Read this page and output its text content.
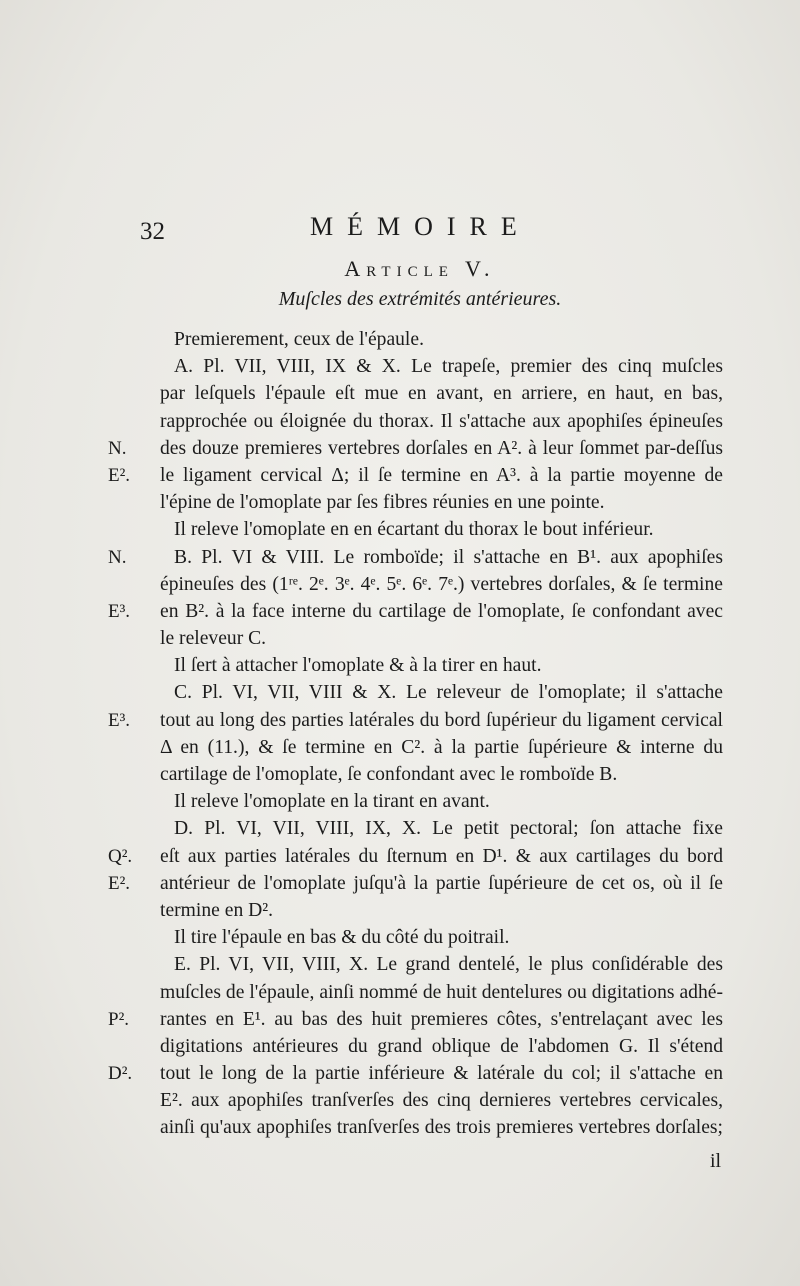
32	MÉMOIRE
Article V.
Muſcles des extrémités antérieures.
N.
E².
N.
E³.
E³.
Q².
E².
P².
D².
Premierement, ceux de l'épaule.
A. Pl. VII, VIII, IX & X. Le trapeſe, premier des cinq muſcles
par leſquels l'épaule eſt mue en avant, en arriere, en haut, en bas,
rapprochée ou éloignée du thorax. Il s'attache aux apophiſes épineuſes
des douze premieres vertebres dorſales en A². à leur ſommet par-deſſus
le ligament cervical Δ; il ſe termine en A³. à la partie moyenne de
l'épine de l'omoplate par ſes fibres réunies en une pointe.
Il releve l'omoplate en en écartant du thorax le bout inférieur.
B. Pl. VI & VIII. Le romboïde; il s'attache en B¹. aux apophiſes
épineuſes des (1ʳᵉ. 2ᵉ. 3ᵉ. 4ᵉ. 5ᵉ. 6ᵉ. 7ᵉ.) vertebres dorſales, & ſe termine
en B². à la face interne du cartilage de l'omoplate, ſe confondant avec
le releveur C.
Il ſert à attacher l'omoplate & à la tirer en haut.
C. Pl. VI, VII, VIII & X. Le releveur de l'omoplate; il s'attache
tout au long des parties latérales du bord ſupérieur du ligament cervical
Δ en (11.), & ſe termine en C². à la partie ſupérieure & interne du
cartilage de l'omoplate, ſe confondant avec le romboïde B.
Il releve l'omoplate en la tirant en avant.
D. Pl. VI, VII, VIII, IX, X. Le petit pectoral; ſon attache fixe
eſt aux parties latérales du ſternum en D¹. & aux cartilages du bord
antérieur de l'omoplate juſqu'à la partie ſupérieure de cet os, où il ſe
termine en D².
Il tire l'épaule en bas & du côté du poitrail.
E. Pl. VI, VII, VIII, X. Le grand dentelé, le plus conſidérable des
muſcles de l'épaule, ainſi nommé de huit dentelures ou digitations adhé-
rantes en E¹. au bas des huit premieres côtes, s'entrelaçant avec les
digitations antérieures du grand oblique de l'abdomen G. Il s'étend
tout le long de la partie inférieure & latérale du col; il s'attache en
E². aux apophiſes tranſverſes des cinq dernieres vertebres cervicales,
ainſi qu'aux apophiſes tranſverſes des trois premieres vertebres dorſales;
il
